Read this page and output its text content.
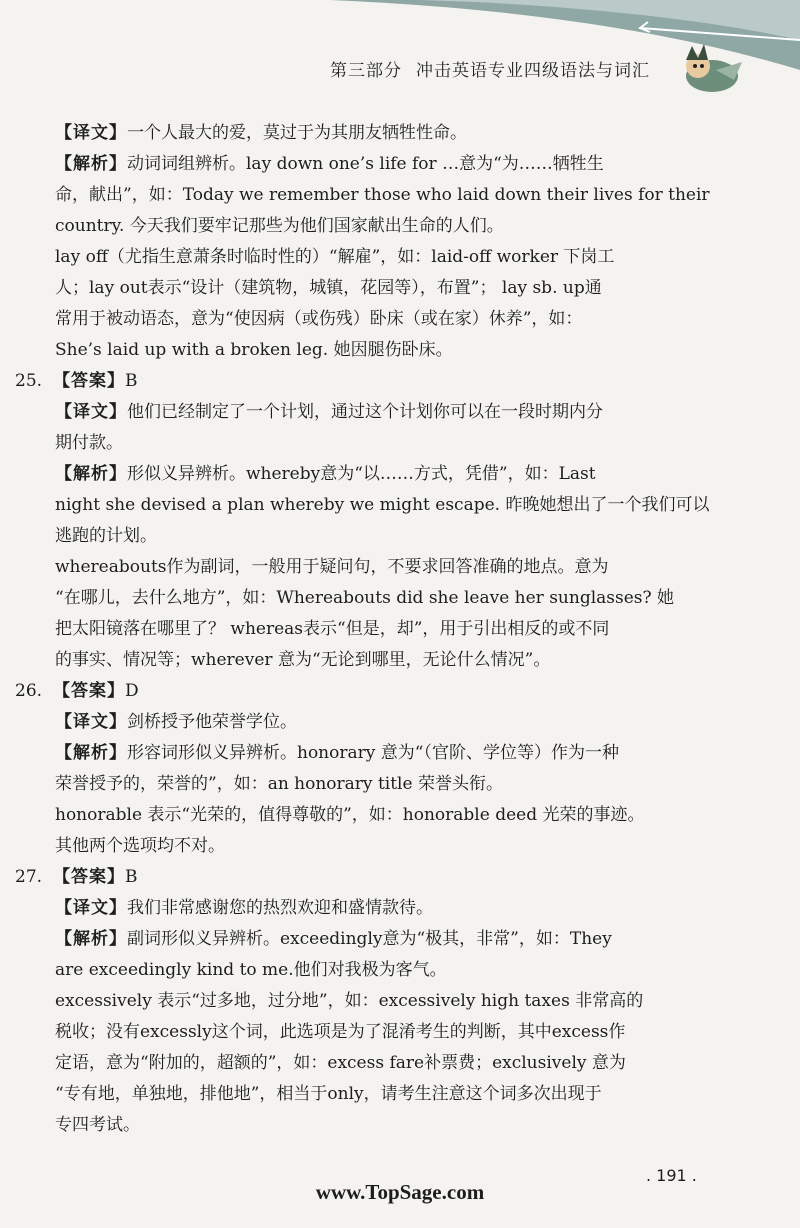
第三部分 冲击英语专业四级语法与词汇
【译文】一个人最大的爱，莫过于为其朋友牺牲性命。
【解析】动词词组辨析。lay down one’s life for …意为“为……牺牲生
命，献出”，如：Today we remember those who laid down their lives for their
country. 今天我们要牢记那些为他们国家献出生命的人们。
lay off（尤指生意萧条时临时性的）“解雇”，如：laid-off worker 下岗工
人；lay out表示“设计（建筑物，城镇，花园等），布置”； lay sb. up通
常用于被动语态，意为“使因病（或伤残）卧床（或在家）休养”，如：
She’s laid up with a broken leg. 她因腿伤卧床。
25. 【答案】B
【译文】他们已经制定了一个计划，通过这个计划你可以在一段时期内分
期付款。
【解析】形似义异辨析。whereby意为“以……方式，凭借”，如：Last
night she devised a plan whereby we might escape. 昨晚她想出了一个我们可以
逃跑的计划。
whereabouts作为副词，一般用于疑问句，不要求回答准确的地点。意为
“在哪儿，去什么地方”，如：Whereabouts did she leave her sunglasses? 她
把太阳镜落在哪里了？ whereas表示“但是，却”，用于引出相反的或不同
的事实、情况等；wherever 意为“无论到哪里，无论什么情况”。
26. 【答案】D
【译文】剑桥授予他荣誉学位。
【解析】形容词形似义异辨析。honorary 意为“（官阶、学位等）作为一种
荣誉授予的，荣誉的”，如：an honorary title 荣誉头衔。
honorable 表示“光荣的，值得尊敬的”，如：honorable deed 光荣的事迹。
其他两个选项均不对。
27. 【答案】B
【译文】我们非常感谢您的热烈欢迎和盛情款待。
【解析】副词形似义异辨析。exceedingly意为“极其，非常”，如：They
are exceedingly kind to me.他们对我极为客气。
excessively 表示“过多地，过分地”，如：excessively high taxes 非常高的
税收；没有excessly这个词，此选项是为了混淆考生的判断，其中excess作
定语，意为“附加的，超额的”，如：excess fare补票费；exclusively 意为
“专有地，单独地，排他地”，相当于only，请考生注意这个词多次出现于
专四考试。
. 191 .
www.TopSage.com
